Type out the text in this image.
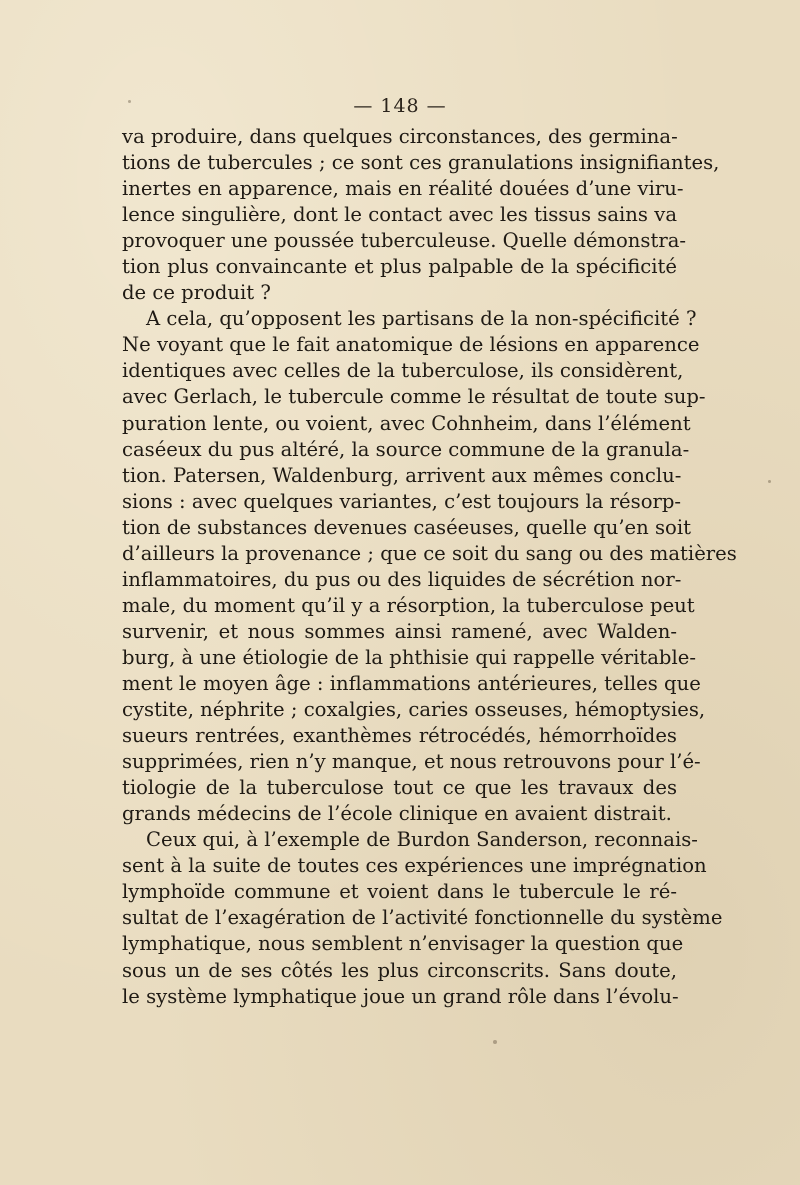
— 148 —
va produire, dans quelques circonstances, des germina-
tions de tubercules ; ce sont ces granulations insignifiantes,
inertes en apparence, mais en réalité douées d’une viru-
lence singulière, dont le contact avec les tissus sains va
provoquer une poussée tuberculeuse. Quelle démonstra-
tion plus convaincante et plus palpable de la spécificité
de ce produit ?
A cela, qu’opposent les partisans de la non-spécificité ?
Ne voyant que le fait anatomique de lésions en apparence
identiques avec celles de la tuberculose, ils considèrent,
avec Gerlach, le tubercule comme le résultat de toute sup-
puration lente, ou voient, avec Cohnheim, dans l’élément
caséeux du pus altéré, la source commune de la granula-
tion. Patersen, Waldenburg, arrivent aux mêmes conclu-
sions : avec quelques variantes, c’est toujours la résorp-
tion de substances devenues caséeuses, quelle qu’en soit
d’ailleurs la provenance ; que ce soit du sang ou des matières
inflammatoires, du pus ou des liquides de sécrétion nor-
male, du moment qu’il y a résorption, la tuberculose peut
survenir, et nous sommes ainsi ramené, avec Walden-
burg, à une étiologie de la phthisie qui rappelle véritable-
ment le moyen âge : inflammations antérieures, telles que
cystite, néphrite ; coxalgies, caries osseuses, hémoptysies,
sueurs rentrées, exanthèmes rétrocédés, hémorrhoïdes
supprimées, rien n’y manque, et nous retrouvons pour l’é-
tiologie de la tuberculose tout ce que les travaux des
grands médecins de l’école clinique en avaient distrait.
Ceux qui, à l’exemple de Burdon Sanderson, reconnais-
sent à la suite de toutes ces expériences une imprégnation
lymphoïde commune et voient dans le tubercule le ré-
sultat de l’exagération de l’activité fonctionnelle du système
lymphatique, nous semblent n’envisager la question que
sous un de ses côtés les plus circonscrits. Sans doute,
le système lymphatique joue un grand rôle dans l’évolu-
